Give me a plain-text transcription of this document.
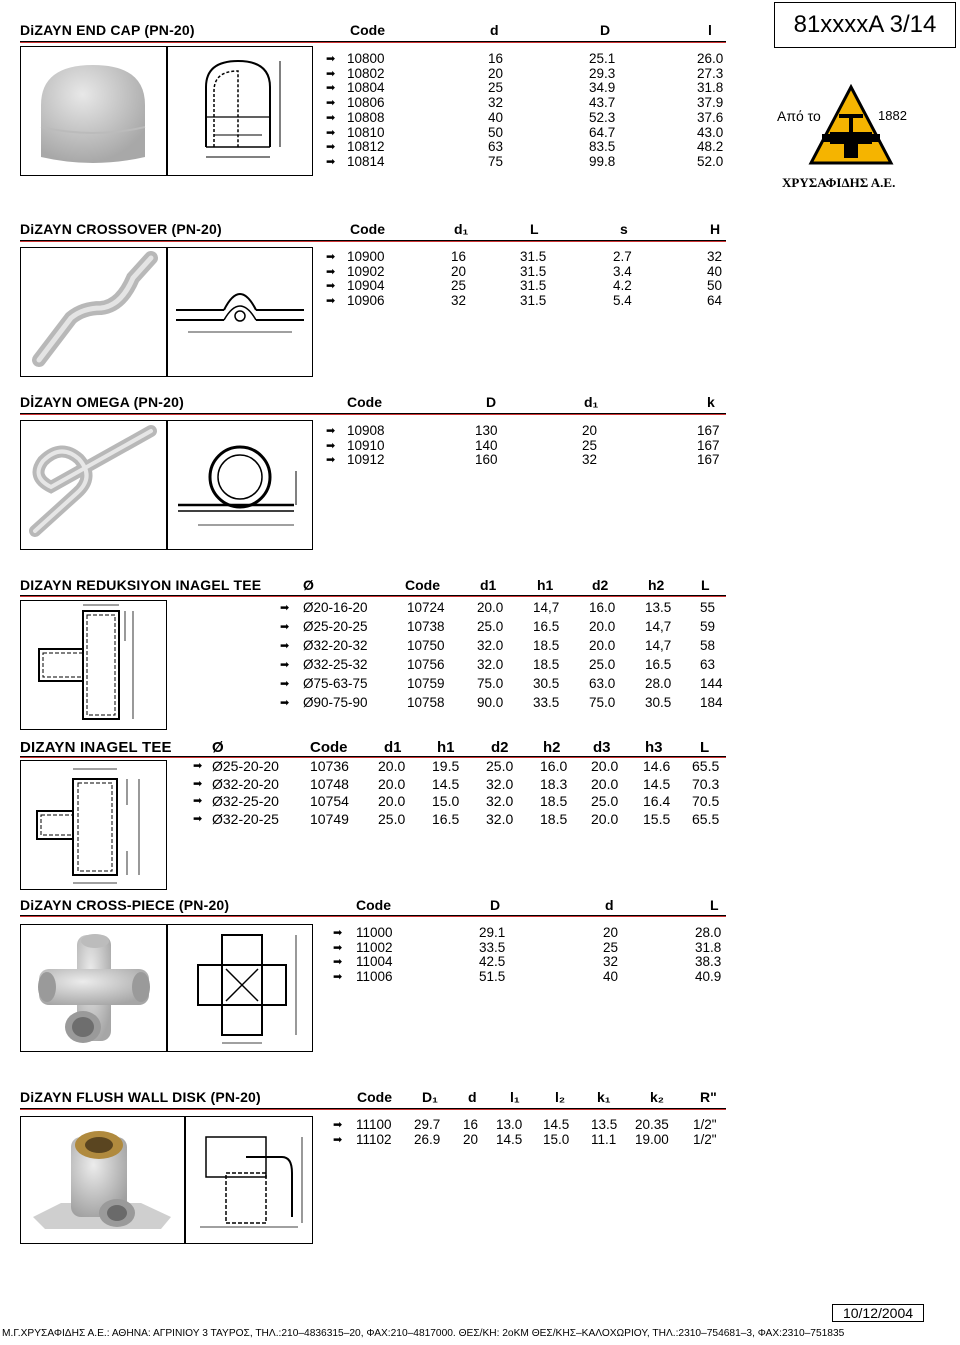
81xxxxA 3/14
Από το	1882
ΧΡΥΣΑΦΙΔΗΣ Α.Ε.
DiZAYN END CAP (PN-20)	Code	d	D	l
➡ 10800	16	25.1	26.0
➡ 10802	20	29.3	27.3
➡ 10804	25	34.9	31.8
➡ 10806	32	43.7	37.9
➡ 10808	40	52.3	37.6
➡ 10810	50	64.7	43.0
➡ 10812	63	83.5	48.2
➡ 10814	75	99.8	52.0
DiZAYN CROSSOVER (PN-20)	Code	d₁	L	s	H
➡ 10900	16	31.5	2.7	32
➡ 10902	20	31.5	3.4	40
➡ 10904	25	31.5	4.2	50
➡ 10906	32	31.5	5.4	64
DİZAYN OMEGA (PN-20)	Code	D	d₁	k
➡ 10908	130	20	167
➡ 10910	140	25	167
➡ 10912	160	32	167
DIZAYN REDUKSIYON INAGEL TEE	Ø	Code	d1	h1	d2	h2	L
➡ Ø20-16-20	10724 20.0 14,7 16.0 13.5 55
➡ Ø25-20-25	10738 25.0 16.5 20.0 14,7 59
➡ Ø32-20-32	10750 32.0 18.5 20.0 14,7 58
➡ Ø32-25-32	10756 32.0 18.5 25.0 16.5 63
➡ Ø75-63-75	10759 75.0 30.5 63.0 28.0 144
➡ Ø90-75-90	10758 90.0 33.5 75.0 30.5 184
DIZAYN INAGEL TEE	Ø	Code d1 h1 d2 h2 d3 h3 L
➡ Ø25-20-20 10736 20.0 19.5 25.0 16.0 20.0 14.6 65.5
➡ Ø32-20-20 10748 20.0 14.5 32.0 18.3 20.0 14.5 70.3
➡ Ø32-25-20 10754 20.0 15.0 32.0 18.5 25.0 16.4 70.5
➡ Ø32-20-25 10749 25.0 16.5 32.0 18.5 20.0 15.5 65.5
DiZAYN CROSS-PIECE (PN-20)	Code	D	d	L
➡ 11000	29.1	20	28.0
➡ 11002	33.5	25	31.8
➡ 11004	42.5	32	38.3
➡ 11006	51.5	40	40.9
DiZAYN FLUSH WALL DISK (PN-20)	Code D₁ d l₁	l₂ k₁	k₂	R"
➡ 11100 29.7 16 13.0 14.5 13.5 20.35 1/2"
➡ 11102 26.9 20 14.5 15.0 11.1 19.00 1/2"
10/12/2004
Μ.Γ.ΧΡΥΣΑΦΙΔΗΣ Α.Ε.: ΑΘΗΝΑ: ΑΓΡΙΝΙΟΥ 3 ΤΑΥΡΟΣ, ΤΗΛ.:210–4836315–20, ΦΑΧ:210–4817000. ΘΕΣ/ΚΗ: 2οΚΜ ΘΕΣ/ΚΗΣ–ΚΑΛΟΧΩΡΙΟΥ, ΤΗΛ.:2310–754681–3, ΦΑΧ:2310–751835
